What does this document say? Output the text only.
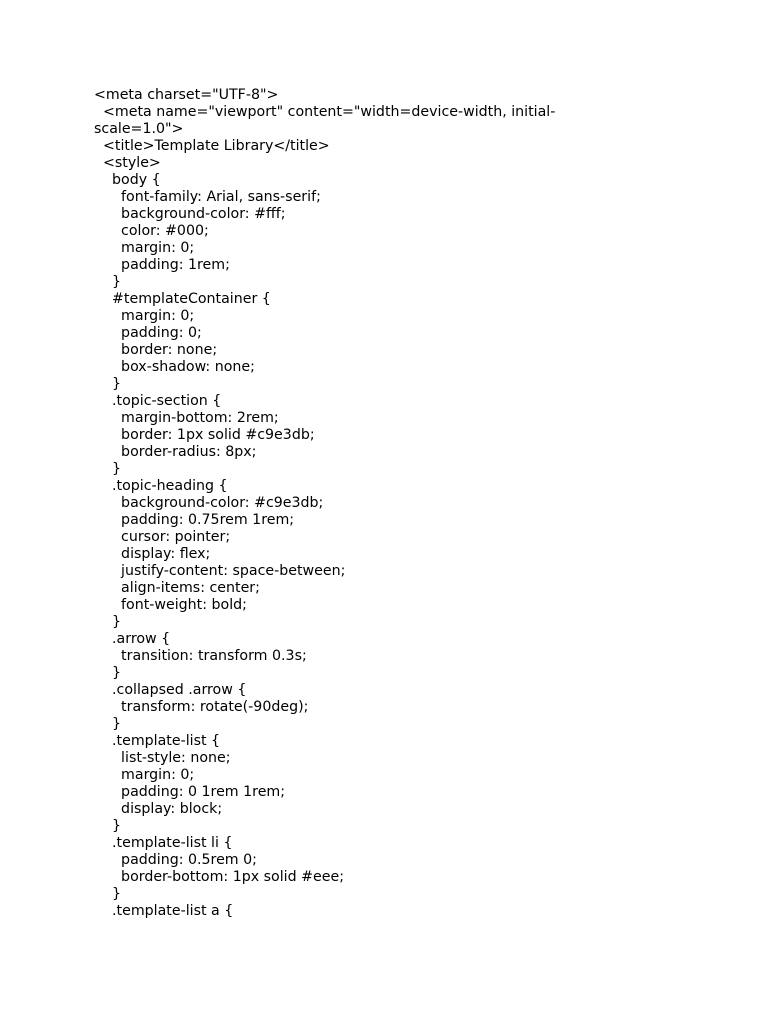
<meta charset="UTF-8">
<meta name="viewport" content="width=device-width, initial-
scale=1.0">
<title>Template Library</title>
<style>
body {
font-family: Arial, sans-serif;
background-color: #fff;
color: #000;
margin: 0;
padding: 1rem;
}
#templateContainer {
margin: 0;
padding: 0;
border: none;
box-shadow: none;
}
.topic-section {
margin-bottom: 2rem;
border: 1px solid #c9e3db;
border-radius: 8px;
}
.topic-heading {
background-color: #c9e3db;
padding: 0.75rem 1rem;
cursor: pointer;
display: flex;
justify-content: space-between;
align-items: center;
font-weight: bold;
}
.arrow {
transition: transform 0.3s;
}
.collapsed .arrow {
transform: rotate(-90deg);
}
.template-list {
list-style: none;
margin: 0;
padding: 0 1rem 1rem;
display: block;
}
.template-list li {
padding: 0.5rem 0;
border-bottom: 1px solid #eee;
}
.template-list a {
